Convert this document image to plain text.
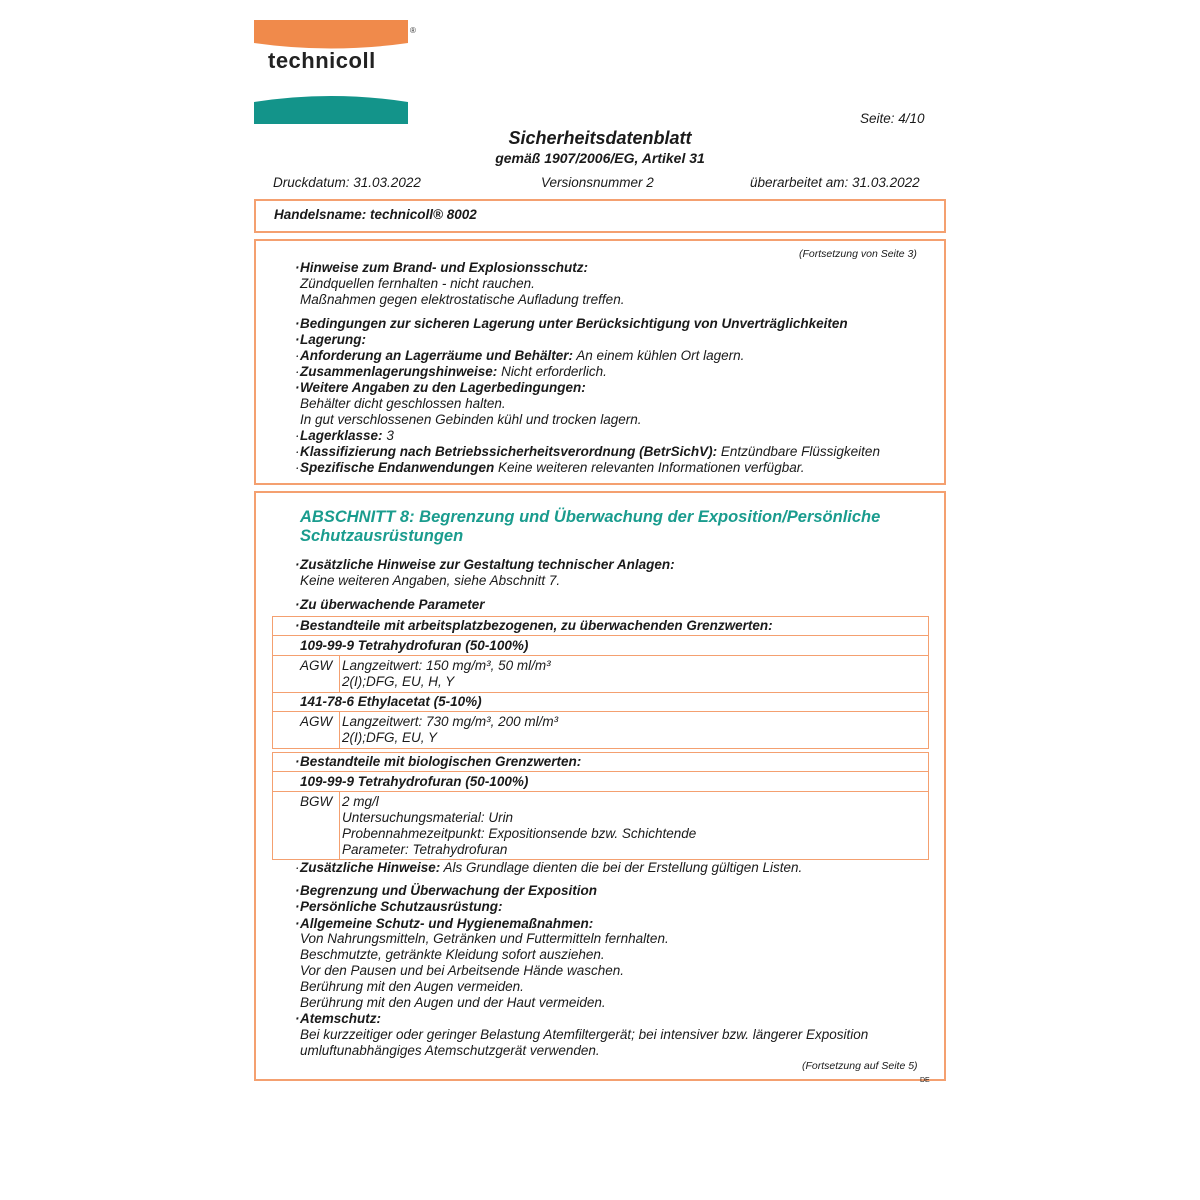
technicoll
®
Seite: 4/10
Sicherheitsdatenblatt
gemäß 1907/2006/EG, Artikel 31
Druckdatum: 31.03.2022	Versionsnummer 2	überarbeitet am: 31.03.2022
Handelsname: technicoll® 8002
(Fortsetzung von Seite 3)
· Hinweise zum Brand- und Explosionsschutz:
Zündquellen fernhalten - nicht rauchen.
Maßnahmen gegen elektrostatische Aufladung treffen.
· Bedingungen zur sicheren Lagerung unter Berücksichtigung von Unverträglichkeiten
· Lagerung:
· Anforderung an Lagerräume und Behälter: An einem kühlen Ort lagern.
· Zusammenlagerungshinweise: Nicht erforderlich.
· Weitere Angaben zu den Lagerbedingungen:
Behälter dicht geschlossen halten.
In gut verschlossenen Gebinden kühl und trocken lagern.
· Lagerklasse: 3
· Klassifizierung nach Betriebssicherheitsverordnung (BetrSichV): Entzündbare Flüssigkeiten
· Spezifische Endanwendungen Keine weiteren relevanten Informationen verfügbar.
ABSCHNITT 8: Begrenzung und Überwachung der Exposition/Persönliche Schutzausrüstungen
· Zusätzliche Hinweise zur Gestaltung technischer Anlagen:
Keine weiteren Angaben, siehe Abschnitt 7.
· Zu überwachende Parameter
· Bestandteile mit arbeitsplatzbezogenen, zu überwachenden Grenzwerten:
109-99-9 Tetrahydrofuran (50-100%)
AGW Langzeitwert: 150 mg/m³, 50 ml/m³
2(I);DFG, EU, H, Y
141-78-6 Ethylacetat (5-10%)
AGW Langzeitwert: 730 mg/m³, 200 ml/m³
2(I);DFG, EU, Y
· Bestandteile mit biologischen Grenzwerten:
109-99-9 Tetrahydrofuran (50-100%)
BGW 2 mg/l
Untersuchungsmaterial: Urin
Probennahmezeitpunkt: Expositionsende bzw. Schichtende
Parameter: Tetrahydrofuran
· Zusätzliche Hinweise: Als Grundlage dienten die bei der Erstellung gültigen Listen.
· Begrenzung und Überwachung der Exposition
· Persönliche Schutzausrüstung:
· Allgemeine Schutz- und Hygienemaßnahmen:
Von Nahrungsmitteln, Getränken und Futtermitteln fernhalten.
Beschmutzte, getränkte Kleidung sofort ausziehen.
Vor den Pausen und bei Arbeitsende Hände waschen.
Berührung mit den Augen vermeiden.
Berührung mit den Augen und der Haut vermeiden.
· Atemschutz:
Bei kurzzeitiger oder geringer Belastung Atemfiltergerät; bei intensiver bzw. längerer Exposition
umluftunabhängiges Atemschutzgerät verwenden.
(Fortsetzung auf Seite 5)
DE
